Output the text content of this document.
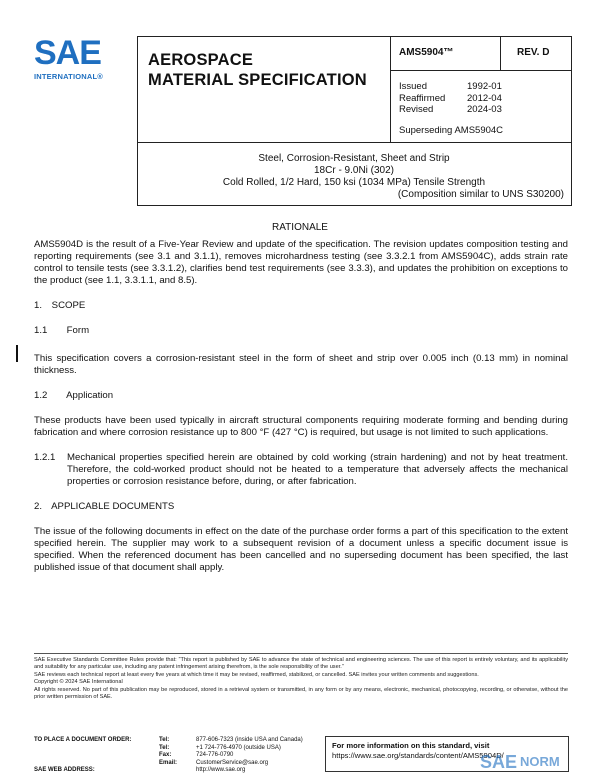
SAE
INTERNATIONAL®
AEROSPACE
MATERIAL SPECIFICATION
AMS5904™	REV. D
Issued	1992-01
Reaffirmed	2012-04
Revised	2024-03
Superseding AMS5904C
Steel, Corrosion-Resistant, Sheet and Strip
18Cr - 9.0Ni (302)
Cold Rolled, 1/2 Hard, 150 ksi (1034 MPa) Tensile Strength
(Composition similar to UNS S30200)
RATIONALE

AMS5904D is the result of a Five-Year Review and update of the specification. The revision updates composition testing and reporting requirements (see 3.1 and 3.1.1), removes microhardness testing (see 3.3.2.1 from AMS5904C), adds strain rate control to tensile tests (see 3.3.1.2), clarifies bend test requirements (see 3.3.3), and updates the prohibition on exceptions to the product (see 1.1, 3.3.1.1, and 8.5).

1. SCOPE
1.1 Form

This specification covers a corrosion-resistant steel in the form of sheet and strip over 0.005 inch (0.13 mm) in nominal thickness.

1.2 Application

These products have been used typically in aircraft structural components requiring moderate forming and bending during fabrication and where corrosion resistance up to 800 °F (427 °C) is required, but usage is not limited to such applications.

1.2.1	Mechanical properties specified herein are obtained by cold working (strain hardening) and not by heat treatment. Therefore, the cold-worked product should not be heated to a temperature that adversely affects the mechanical properties or corrosion resistance before, during, or after fabrication.
2. APPLICABLE DOCUMENTS

The issue of the following documents in effect on the date of the purchase order forms a part of this specification to the extent specified herein. The supplier may work to a subsequent revision of a document unless a specific document issue is specified. When the referenced document has been cancelled and no superseding document has been specified, the last published issue of that document shall apply.

SAE Executive Standards Committee Rules provide that: “This report is published by SAE to advance the state of technical and engineering sciences. The use of this report is entirely voluntary, and its applicability and suitability for any particular use, including any patent infringement arising therefrom, is the sole responsibility of the user.”

SAE reviews each technical report at least every five years at which time it may be revised, reaffirmed, stabilized, or cancelled. SAE invites your written comments and suggestions.

Copyright © 2024 SAE International

All rights reserved. No part of this publication may be reproduced, stored in a retrieval system or transmitted, in any form or by any means, electronic, mechanical, photocopying, recording, or otherwise, without the prior written permission of SAE.

TO PLACE A DOCUMENT ORDER:	Tel:	877-606-7323 (inside USA and Canada)
Tel:	+1 724-776-4970 (outside USA)
Fax:	724-776-0790
Email:	CustomerService@sae.org
SAE WEB ADDRESS:	http://www.sae.org
For more information on this standard, visit
https://www.sae.org/standards/content/AMS5904D/
SAE NORM
